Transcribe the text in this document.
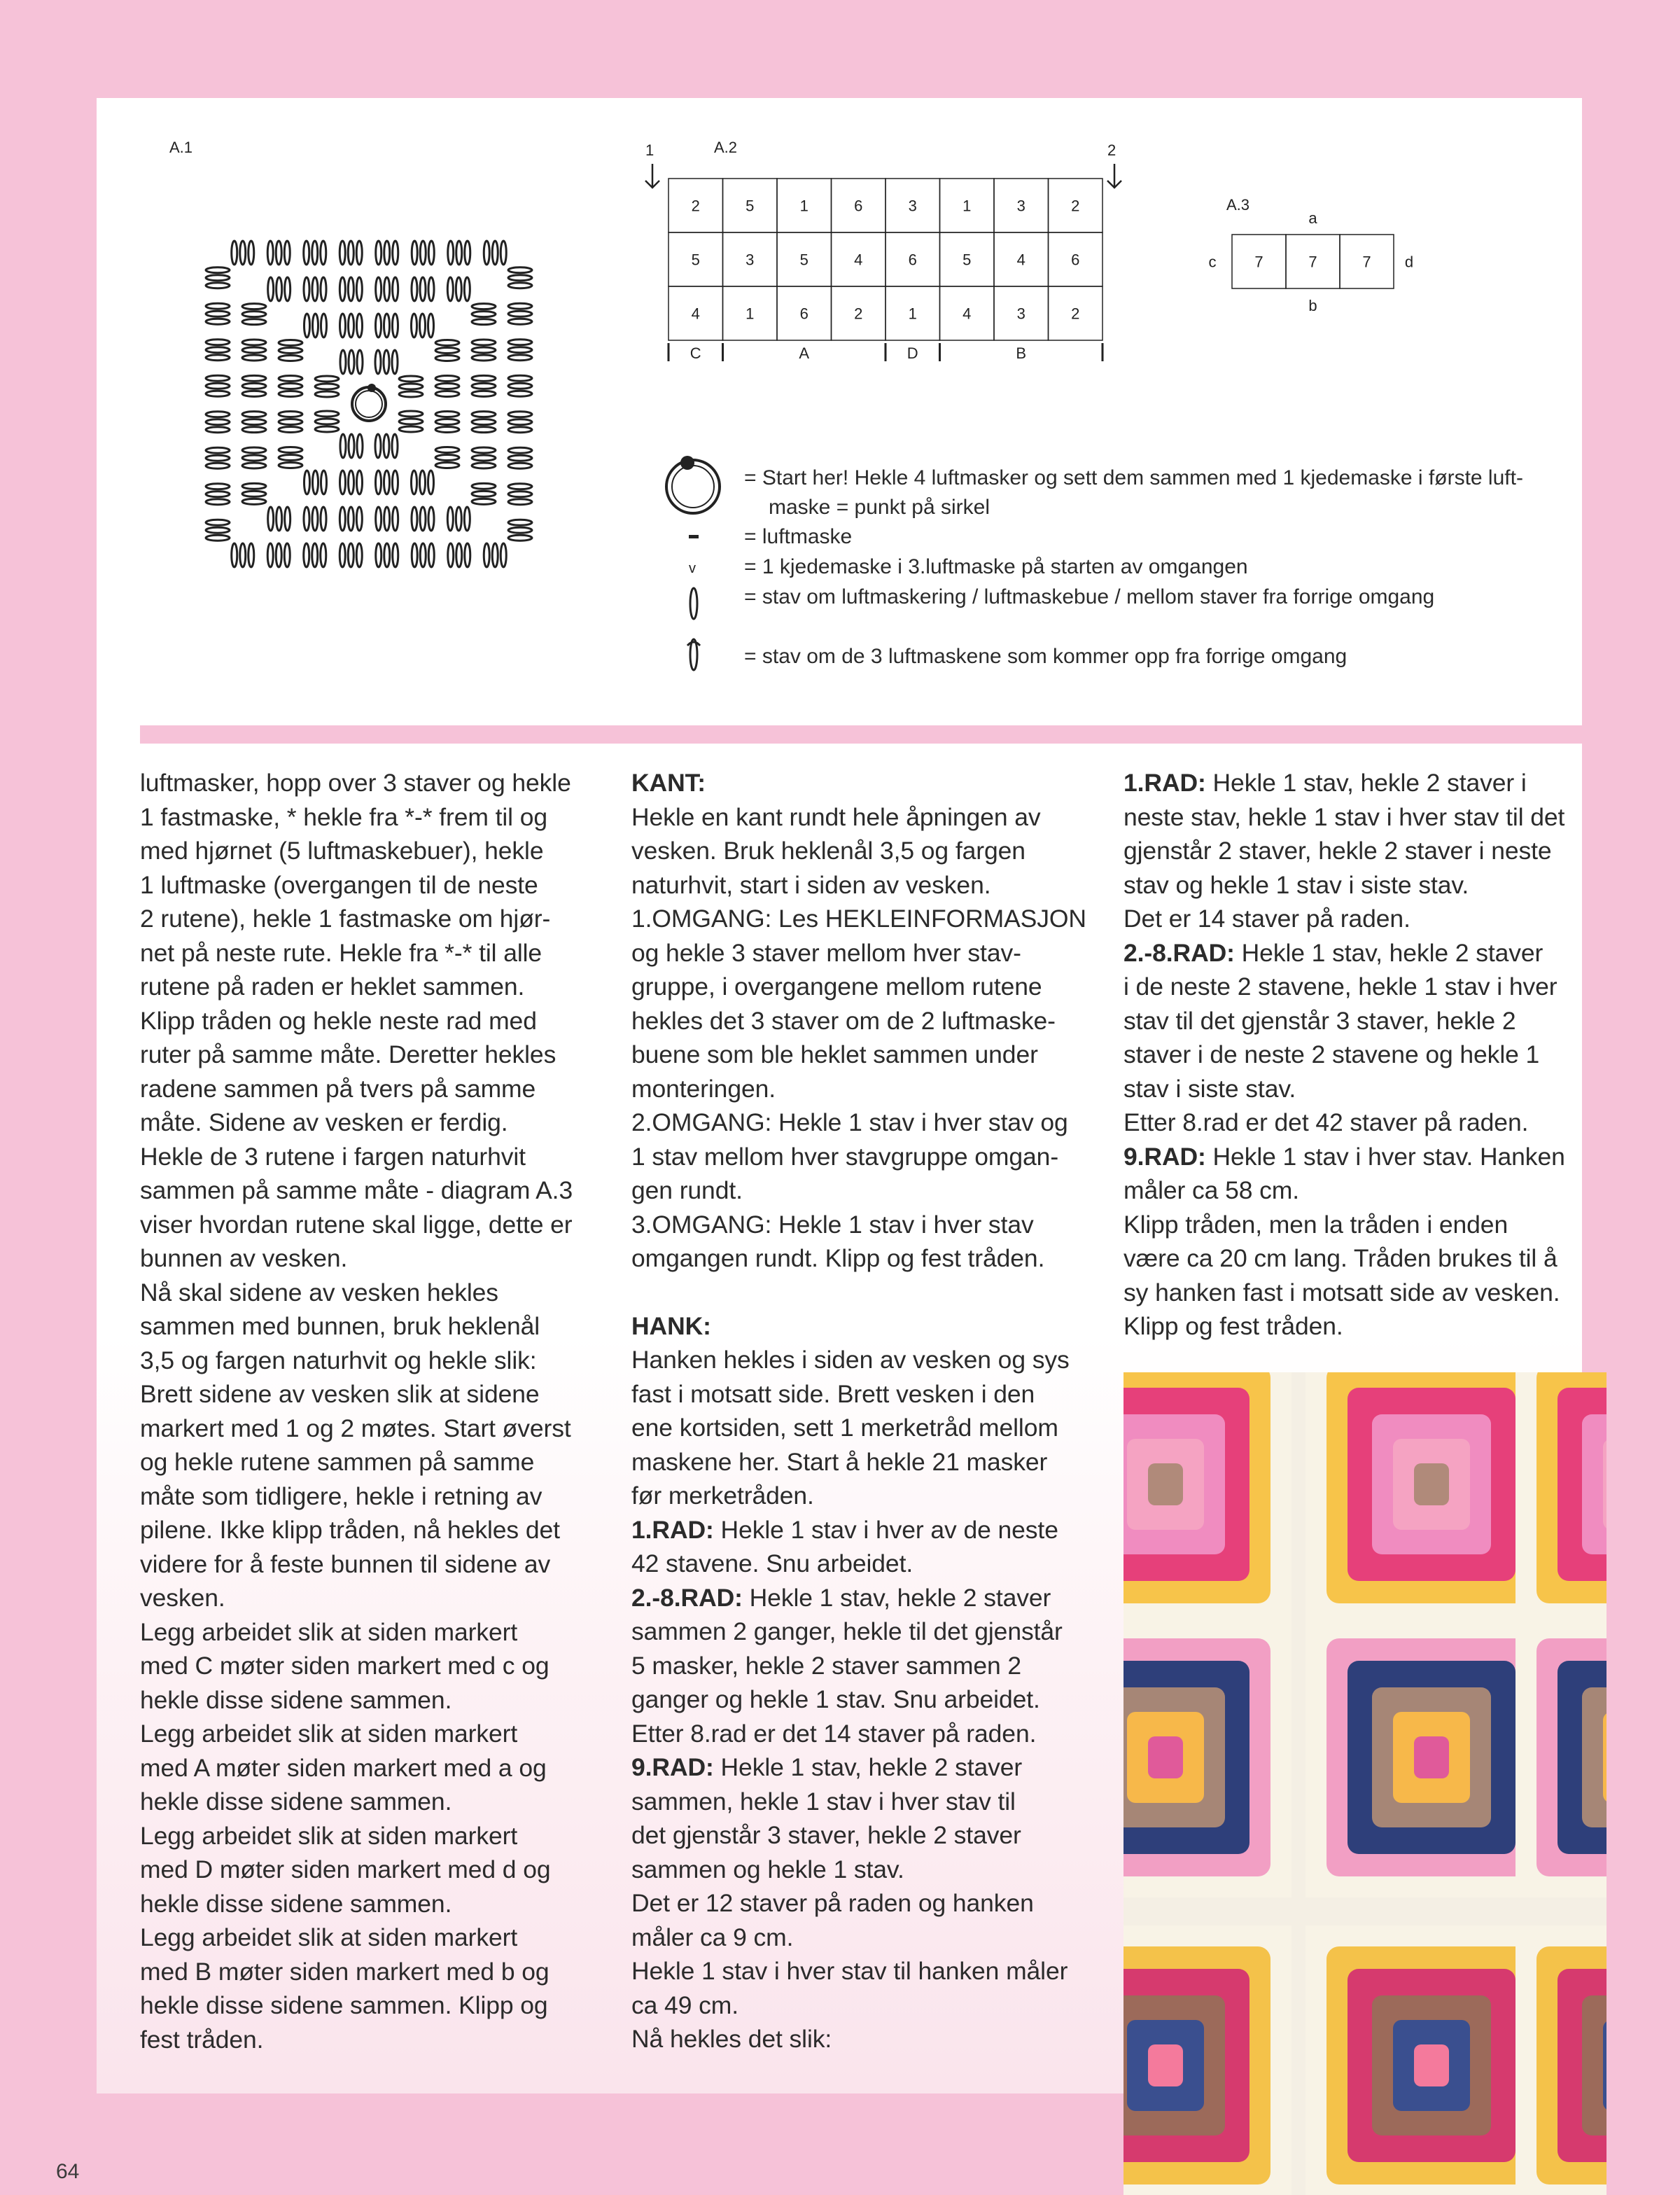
A.1	A.2
1	2
2	5	1	6	3	1	3	2
5	3	5	4	6	5	4	6
4	1	6	2	1	4	3	2
C	A	D	B
A.3
7	7	7
a
b
c	d
v
= Start her! Hekle 4 luftmasker og sett dem sammen med 1 kjedemaske i første luft-
maske = punkt på sirkel
= luftmaske
= 1 kjedemaske i 3.luftmaske på starten av omgangen
= stav om luftmaskering / luftmaskebue / mellom staver fra forrige omgang
= stav om de 3 luftmaskene som kommer opp fra forrige omgang

luftmasker, hopp over 3 staver og hekle

1 fastmaske, * hekle fra *-* frem til og

med hjørnet (5 luftmaskebuer), hekle

1 luftmaske (overgangen til de neste

2 rutene), hekle 1 fastmaske om hjør-

net på neste rute. Hekle fra *-* til alle

rutene på raden er heklet sammen.

Klipp tråden og hekle neste rad med

ruter på samme måte. Deretter hekles

radene sammen på tvers på samme

måte. Sidene av vesken er ferdig.

Hekle de 3 rutene i fargen naturhvit

sammen på samme måte - diagram A.3

viser hvordan rutene skal ligge, dette er

bunnen av vesken.

Nå skal sidene av vesken hekles

sammen med bunnen, bruk heklenål

3,5 og fargen naturhvit og hekle slik:

Brett sidene av vesken slik at sidene

markert med 1 og 2 møtes. Start øverst

og hekle rutene sammen på samme

måte som tidligere, hekle i retning av

pilene. Ikke klipp tråden, nå hekles det

videre for å feste bunnen til sidene av

vesken.

Legg arbeidet slik at siden markert

med C møter siden markert med c og

hekle disse sidene sammen.

Legg arbeidet slik at siden markert

med A møter siden markert med a og

hekle disse sidene sammen.

Legg arbeidet slik at siden markert

med D møter siden markert med d og

hekle disse sidene sammen.

Legg arbeidet slik at siden markert

med B møter siden markert med b og

hekle disse sidene sammen. Klipp og

fest tråden.

KANT:

Hekle en kant rundt hele åpningen av

vesken. Bruk heklenål 3,5 og fargen

naturhvit, start i siden av vesken.

1.OMGANG: Les HEKLEINFORMASJON

og hekle 3 staver mellom hver stav-

gruppe, i overgangene mellom rutene

hekles det 3 staver om de 2 luftmaske-

buene som ble heklet sammen under

monteringen.

2.OMGANG: Hekle 1 stav i hver stav og

1 stav mellom hver stavgruppe omgan-

gen rundt.

3.OMGANG: Hekle 1 stav i hver stav

omgangen rundt. Klipp og fest tråden.

HANK:

Hanken hekles i siden av vesken og sys

fast i motsatt side. Brett vesken i den

ene kortsiden, sett 1 merketråd mellom

maskene her. Start å hekle 21 masker

før merketråden.

1.RAD: Hekle 1 stav i hver av de neste

42 stavene. Snu arbeidet.

2.-8.RAD: Hekle 1 stav, hekle 2 staver

sammen 2 ganger, hekle til det gjenstår

5 masker, hekle 2 staver sammen 2

ganger og hekle 1 stav. Snu arbeidet.

Etter 8.rad er det 14 staver på raden.

9.RAD: Hekle 1 stav, hekle 2 staver

sammen, hekle 1 stav i hver stav til

det gjenstår 3 staver, hekle 2 staver

sammen og hekle 1 stav.

Det er 12 staver på raden og hanken

måler ca 9 cm.

Hekle 1 stav i hver stav til hanken måler

ca 49 cm.

Nå hekles det slik:

1.RAD: Hekle 1 stav, hekle 2 staver i

neste stav, hekle 1 stav i hver stav til det

gjenstår 2 staver, hekle 2 staver i neste

stav og hekle 1 stav i siste stav.

Det er 14 staver på raden.

2.-8.RAD: Hekle 1 stav, hekle 2 staver

i de neste 2 stavene, hekle 1 stav i hver

stav til det gjenstår 3 staver, hekle 2

staver i de neste 2 stavene og hekle 1

stav i siste stav.

Etter 8.rad er det 42 staver på raden.

9.RAD: Hekle 1 stav i hver stav. Hanken

måler ca 58 cm.

Klipp tråden, men la tråden i enden

være ca 20 cm lang. Tråden brukes til å

sy hanken fast i motsatt side av vesken.

Klipp og fest tråden.

64
